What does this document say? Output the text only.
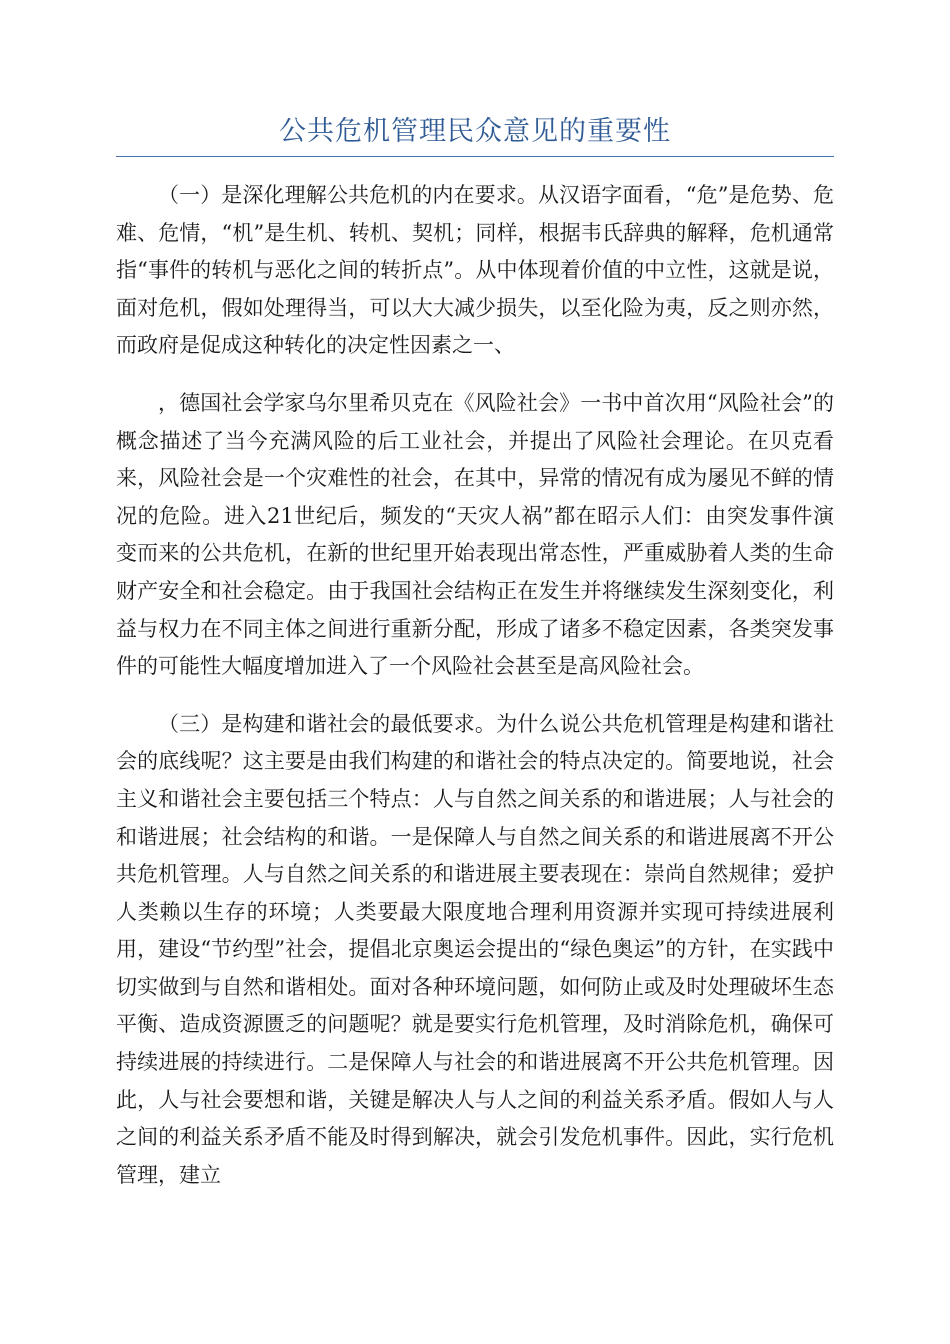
公共危机管理民众意见的重要性

（一）是深化理解公共危机的内在要求。从汉语字面看，“危”是危势、危难、危情，“机”是生机、转机、契机；同样，根据韦氏辞典的解释，危机通常指“事件的转机与恶化之间的转折点”。从中体现着价值的中立性，这就是说，面对危机，假如处理得当，可以大大减少损失，以至化险为夷，反之则亦然，而政府是促成这种转化的决定性因素之一、

，德国社会学家乌尔里希贝克在《风险社会》一书中首次用“风险社会”的概念描述了当今充满风险的后工业社会，并提出了风险社会理论。在贝克看来，风险社会是一个灾难性的社会，在其中，异常的情况有成为屡见不鲜的情况的危险。进入21世纪后，频发的“天灾人祸”都在昭示人们：由突发事件演变而来的公共危机，在新的世纪里开始表现出常态性，严重威胁着人类的生命财产安全和社会稳定。由于我国社会结构正在发生并将继续发生深刻变化，利益与权力在不同主体之间进行重新分配，形成了诸多不稳定因素，各类突发事件的可能性大幅度增加进入了一个风险社会甚至是高风险社会。

（三）是构建和谐社会的最低要求。为什么说公共危机管理是构建和谐社会的底线呢？这主要是由我们构建的和谐社会的特点决定的。简要地说，社会主义和谐社会主要包括三个特点：人与自然之间关系的和谐进展；人与社会的和谐进展；社会结构的和谐。一是保障人与自然之间关系的和谐进展离不开公共危机管理。人与自然之间关系的和谐进展主要表现在：崇尚自然规律；爱护人类赖以生存的环境；人类要最大限度地合理利用资源并实现可持续进展利用，建设“节约型”社会，提倡北京奥运会提出的“绿色奥运”的方针，在实践中切实做到与自然和谐相处。面对各种环境问题，如何防止或及时处理破坏生态平衡、造成资源匮乏的问题呢？就是要实行危机管理，及时消除危机，确保可持续进展的持续进行。二是保障人与社会的和谐进展离不开公共危机管理。因此，人与社会要想和谐，关键是解决人与人之间的利益关系矛盾。假如人与人之间的利益关系矛盾不能及时得到解决，就会引发危机事件。因此，实行危机管理，建立
